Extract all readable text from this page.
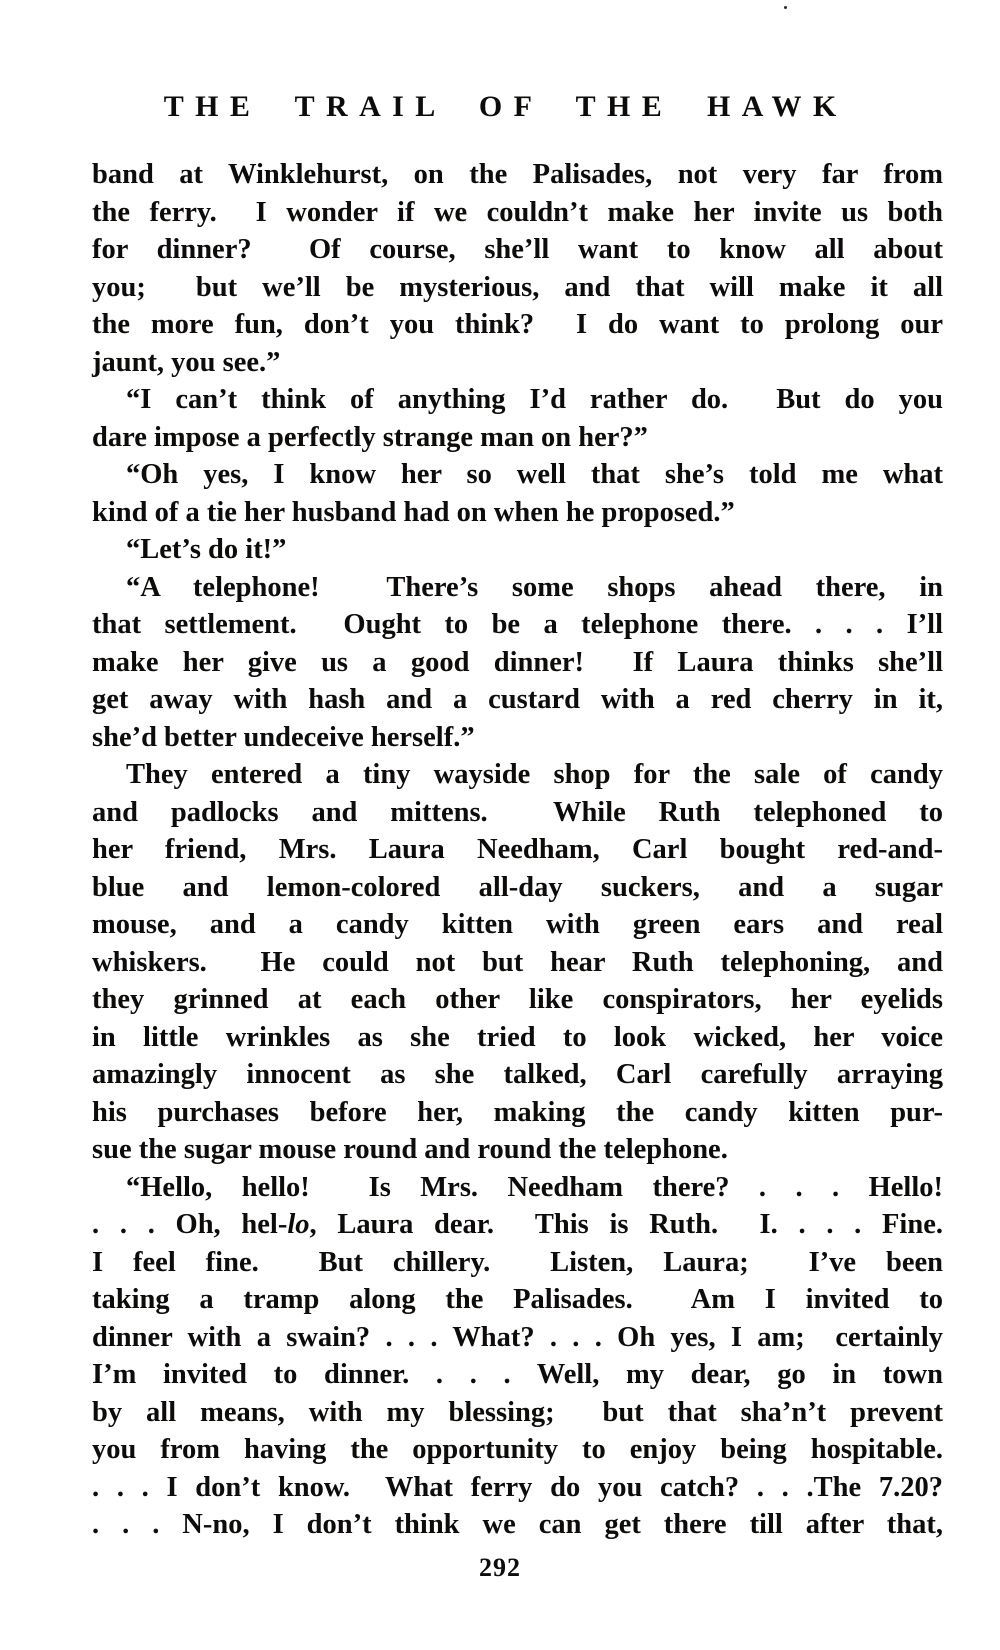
THE TRAIL OF THE HAWK
band at Winklehurst, on the Palisades, not very far from
the ferry.  I wonder if we couldn’t make her invite us both
for dinner?  Of course, she’ll want to know all about
you;  but we’ll be mysterious, and that will make it all
the more fun, don’t you think?  I do want to prolong our
jaunt, you see.”
“I can’t think of anything I’d rather do.  But do you
dare impose a perfectly strange man on her?”
“Oh yes, I know her so well that she’s told me what
kind of a tie her husband had on when he proposed.”
“Let’s do it!”
“A telephone!  There’s some shops ahead there, in
that settlement.  Ought to be a telephone there. . . . I’ll
make her give us a good dinner!  If Laura thinks she’ll
get away with hash and a custard with a red cherry in it,
she’d better undeceive herself.”
They entered a tiny wayside shop for the sale of candy
and padlocks and mittens.  While Ruth telephoned to
her friend, Mrs. Laura Needham, Carl bought red-and-
blue and lemon-colored all-day suckers, and a sugar
mouse, and a candy kitten with green ears and real
whiskers.  He could not but hear Ruth telephoning, and
they grinned at each other like conspirators, her eyelids
in little wrinkles as she tried to look wicked, her voice
amazingly innocent as she talked, Carl carefully arraying
his purchases before her, making the candy kitten pur-
sue the sugar mouse round and round the telephone.
“Hello, hello!  Is Mrs. Needham there? . . . Hello!
. . . Oh, hel-lo, Laura dear.  This is Ruth.  I. . . . Fine.
I feel fine.  But chillery.  Listen, Laura;  I’ve been
taking a tramp along the Palisades.  Am I invited to
dinner with a swain? . . . What? . . . Oh yes, I am;  certainly
I’m invited to dinner. . . . Well, my dear, go in town
by all means, with my blessing;  but that sha’n’t prevent
you from having the opportunity to enjoy being hospitable.
. . . I don’t know.  What ferry do you catch? . . .The 7.20?
. . . N-no, I don’t think we can get there till after that,
292
